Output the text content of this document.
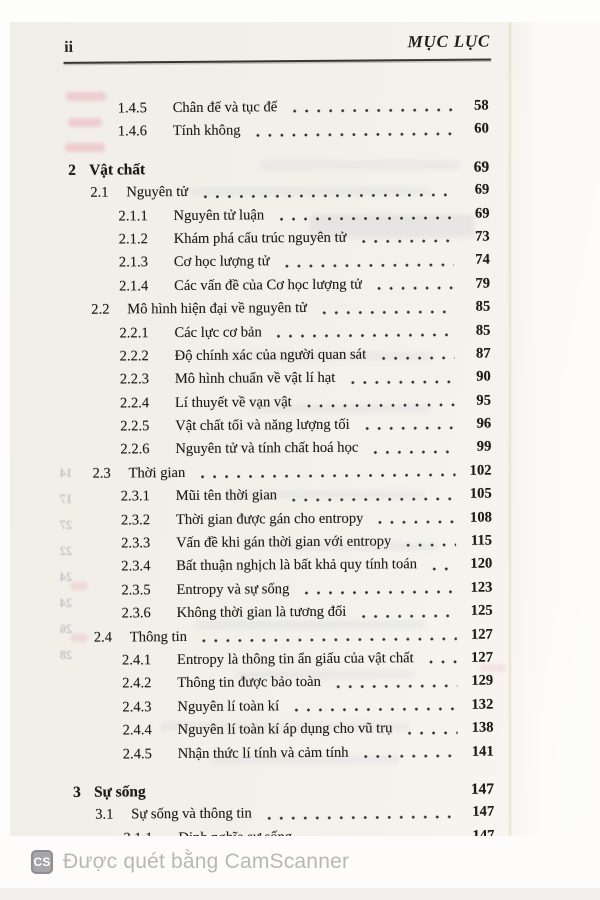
14
17
27
22
24
24
26
28
ii	MỤC LỤC
1.4.5	Chân đế và tục đế	58
1.4.6	Tính không	60
2 Vật chất	69
2.1	Nguyên tử	69
2.1.1	Nguyên tử luận	69
2.1.2	Khám phá cấu trúc nguyên tử	73
2.1.3	Cơ học lượng tử	74
2.1.4	Các vấn đề của Cơ học lượng tử	79
2.2	Mô hình hiện đại về nguyên tử	85
2.2.1	Các lực cơ bản	85
2.2.2	Độ chính xác của người quan sát	87
2.2.3	Mô hình chuẩn về vật lí hạt	90
2.2.4	Lí thuyết về vạn vật	95
2.2.5	Vật chất tối và năng lượng tối	96
2.2.6	Nguyên tử và tính chất hoá học	99
2.3	Thời gian	102
2.3.1	Mũi tên thời gian	105
2.3.2	Thời gian được gán cho entropy	108
2.3.3	Vấn đề khi gán thời gian với entropy	115
2.3.4	Bất thuận nghịch là bất khả quy tính toán	120
2.3.5	Entropy và sự sống	123
2.3.6	Không thời gian là tương đối	125
2.4	Thông tin	127
2.4.1	Entropy là thông tin ẩn giấu của vật chất	127
2.4.2	Thông tin được bảo toàn	129
2.4.3	Nguyên lí toàn kí	132
2.4.4	Nguyên lí toàn kí áp dụng cho vũ trụ	138
2.4.5	Nhận thức lí tính và cảm tính	141
3 Sự sống	147
3.1	Sự sống và thông tin	147
CS Được quét bằng CamScanner
